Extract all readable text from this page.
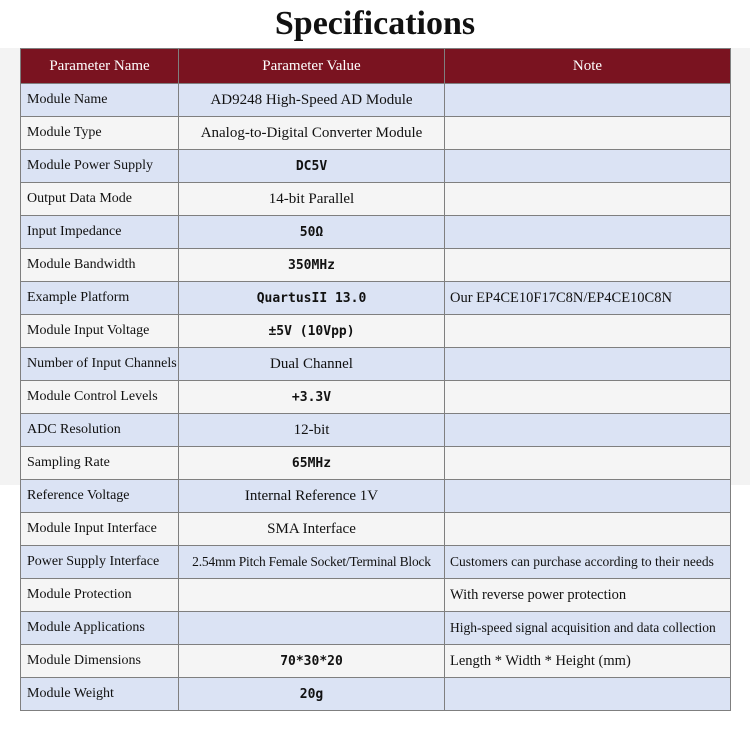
Specifications
Parameter Name	Parameter Value	Note
Module Name	AD9248 High-Speed AD Module	
Module Type	Analog-to-Digital Converter Module	
Module Power Supply	DC5V	
Output Data Mode	14-bit Parallel	
Input Impedance	50Ω	
Module Bandwidth	350MHz	
Example Platform	QuartusII 13.0	Our EP4CE10F17C8N/EP4CE10C8N
Module Input Voltage	±5V (10Vpp)	
Number of Input Channels	Dual Channel	
Module Control Levels	+3.3V	
ADC Resolution	12-bit	
Sampling Rate	65MHz	
Reference Voltage	Internal Reference 1V	
Module Input Interface	SMA Interface	
Power Supply Interface	2.54mm Pitch Female Socket/Terminal Block	Customers can purchase according to their needs
Module Protection		With reverse power protection
Module Applications		High-speed signal acquisition and data collection
Module Dimensions	70*30*20	Length * Width * Height (mm)
Module Weight	20g	
